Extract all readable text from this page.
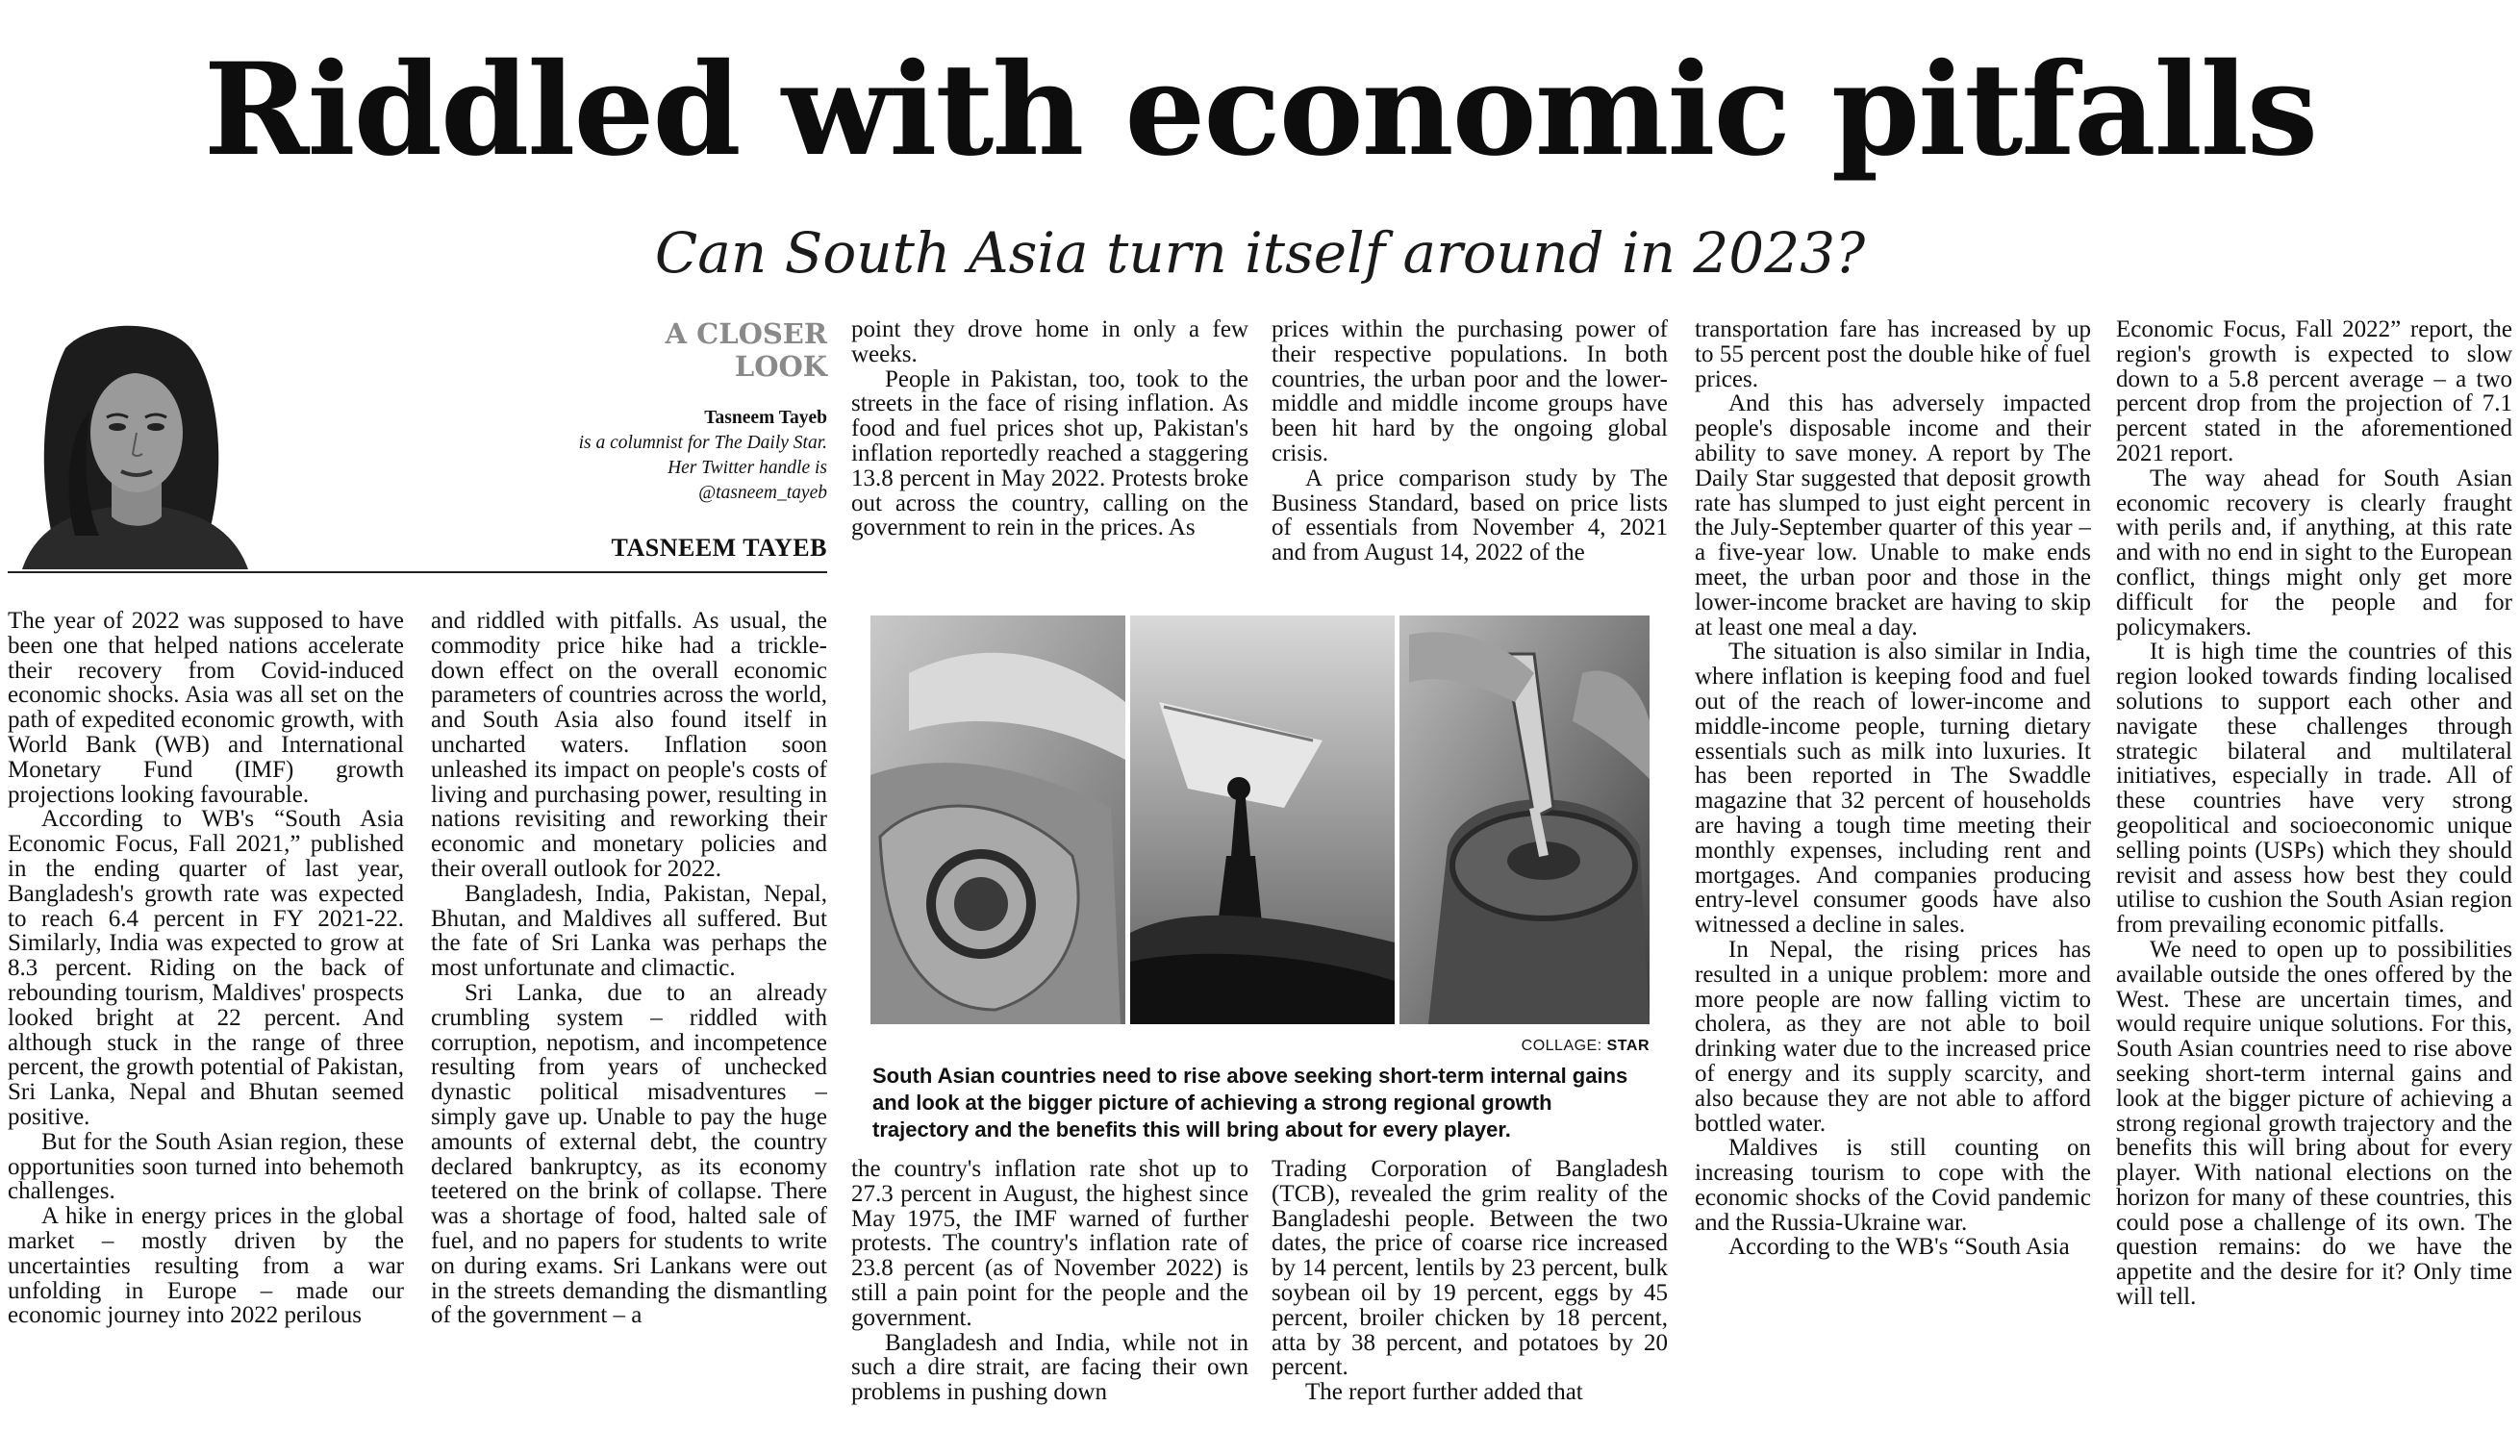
Riddled with economic pitfalls
Can South Asia turn itself around in 2023?
A CLOSER
LOOK
Tasneem Tayeb
is a columnist for The Daily Star.
Her Twitter handle is
@tasneem_tayeb
TASNEEM TAYEB

The year of 2022 was supposed to have been one that helped nations accelerate their recovery from Covid-induced economic shocks. Asia was all set on the path of expedited economic growth, with World Bank (WB) and International Monetary Fund (IMF) growth projections looking favourable.

According to WB's “South Asia Economic Focus, Fall 2021,” published in the ending quarter of last year, Bangladesh's growth rate was expected to reach 6.4 percent in FY 2021-22. Similarly, India was expected to grow at 8.3 percent. Riding on the back of rebounding tourism, Maldives' prospects looked bright at 22 percent. And although stuck in the range of three percent, the growth potential of Pakistan, Sri Lanka, Nepal and Bhutan seemed positive.

But for the South Asian region, these opportunities soon turned into behemoth challenges.

A hike in energy prices in the global market – mostly driven by the uncertainties resulting from a war unfolding in Europe – made our economic journey into 2022 perilous

and riddled with pitfalls. As usual, the commodity price hike had a trickle-down effect on the overall economic parameters of countries across the world, and South Asia also found itself in uncharted waters. Inflation soon unleashed its impact on people's costs of living and purchasing power, resulting in nations revisiting and reworking their economic and monetary policies and their overall outlook for 2022.

Bangladesh, India, Pakistan, Nepal, Bhutan, and Maldives all suffered. But the fate of Sri Lanka was perhaps the most unfortunate and climactic.

Sri Lanka, due to an already crumbling system – riddled with corruption, nepotism, and incompetence resulting from years of unchecked dynastic political misadventures – simply gave up. Unable to pay the huge amounts of external debt, the country declared bankruptcy, as its economy teetered on the brink of collapse. There was a shortage of food, halted sale of fuel, and no papers for students to write on during exams. Sri Lankans were out in the streets demanding the dismantling of the government – a

point they drove home in only a few weeks.

People in Pakistan, too, took to the streets in the face of rising inflation. As food and fuel prices shot up, Pakistan's inflation reportedly reached a staggering 13.8 percent in May 2022. Protests broke out across the country, calling on the government to rein in the prices. As

prices within the purchasing power of their respective populations. In both countries, the urban poor and the lower-middle and middle income groups have been hit hard by the ongoing global crisis.

A price comparison study by The Business Standard, based on price lists of essentials from November 4, 2021 and from August 14, 2022 of the

COLLAGE: STAR
South Asian countries need to rise above seeking short-term internal gains and look at the bigger picture of achieving a strong regional growth trajectory and the benefits this will bring about for every player.

the country's inflation rate shot up to 27.3 percent in August, the highest since May 1975, the IMF warned of further protests. The country's inflation rate of 23.8 percent (as of November 2022) is still a pain point for the people and the government.

Bangladesh and India, while not in such a dire strait, are facing their own problems in pushing down

Trading Corporation of Bangladesh (TCB), revealed the grim reality of the Bangladeshi people. Between the two dates, the price of coarse rice increased by 14 percent, lentils by 23 percent, bulk soybean oil by 19 percent, eggs by 45 percent, broiler chicken by 18 percent, atta by 38 percent, and potatoes by 20 percent.

The report further added that

transportation fare has increased by up to 55 percent post the double hike of fuel prices.

And this has adversely impacted people's disposable income and their ability to save money. A report by The Daily Star suggested that deposit growth rate has slumped to just eight percent in the July-September quarter of this year – a five-year low. Unable to make ends meet, the urban poor and those in the lower-income bracket are having to skip at least one meal a day.

The situation is also similar in India, where inflation is keeping food and fuel out of the reach of lower-income and middle-income people, turning dietary essentials such as milk into luxuries. It has been reported in The Swaddle magazine that 32 percent of households are having a tough time meeting their monthly expenses, including rent and mortgages. And companies producing entry-level consumer goods have also witnessed a decline in sales.

In Nepal, the rising prices has resulted in a unique problem: more and more people are now falling victim to cholera, as they are not able to boil drinking water due to the increased price of energy and its supply scarcity, and also because they are not able to afford bottled water.

Maldives is still counting on increasing tourism to cope with the economic shocks of the Covid pandemic and the Russia-Ukraine war.

According to the WB's “South Asia

Economic Focus, Fall 2022” report, the region's growth is expected to slow down to a 5.8 percent average – a two percent drop from the projection of 7.1 percent stated in the aforementioned 2021 report.

The way ahead for South Asian economic recovery is clearly fraught with perils and, if anything, at this rate and with no end in sight to the European conflict, things might only get more difficult for the people and for policymakers.

It is high time the countries of this region looked towards finding localised solutions to support each other and navigate these challenges through strategic bilateral and multilateral initiatives, especially in trade. All of these countries have very strong geopolitical and socioeconomic unique selling points (USPs) which they should revisit and assess how best they could utilise to cushion the South Asian region from prevailing economic pitfalls.

We need to open up to possibilities available outside the ones offered by the West. These are uncertain times, and would require unique solutions. For this, South Asian countries need to rise above seeking short-term internal gains and look at the bigger picture of achieving a strong regional growth trajectory and the benefits this will bring about for every player. With national elections on the horizon for many of these countries, this could pose a challenge of its own. The question remains: do we have the appetite and the desire for it? Only time will tell.
